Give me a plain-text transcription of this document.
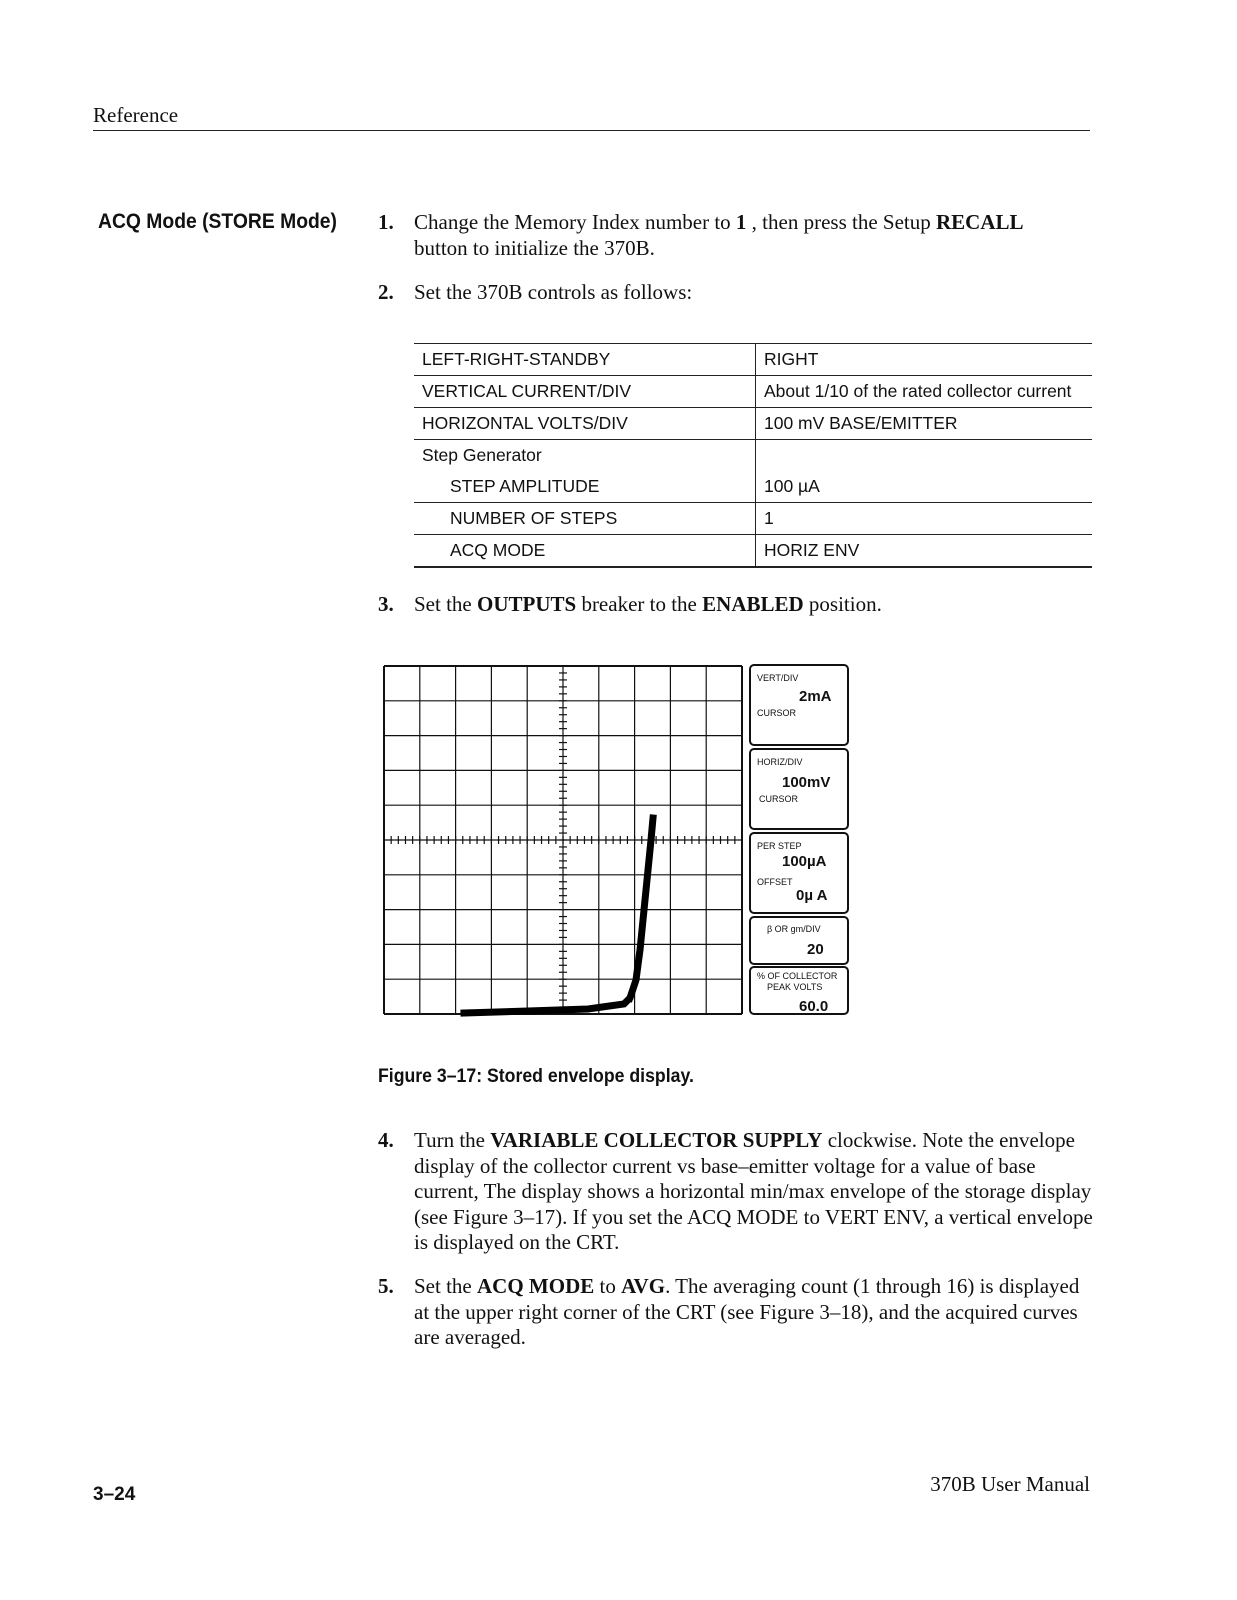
Reference
ACQ Mode (STORE Mode) 1. Change the Memory Index number to 1 , then press the Setup RECALL
button to initialize the 370B.
2. Set the 370B controls as follows:
LEFT-RIGHT-STANDBY	RIGHT
VERTICAL CURRENT/DIV	About 1/10 of the rated collector current
HORIZONTAL VOLTS/DIV	100 mV BASE/EMITTER
Step Generator	
STEP AMPLITUDE	100 µA
NUMBER OF STEPS	1
ACQ MODE	HORIZ ENV
3. Set the OUTPUTS breaker to the ENABLED position.
VERT/DIV
2mA
CURSOR
HORIZ/DIV
100mV
CURSOR
PER STEP
100µA
OFFSET
0µ A
β OR gm/DIV
20
% OF COLLECTOR
PEAK VOLTS
60.0
Figure 3–17: Stored envelope display.
4. Turn the VARIABLE COLLECTOR SUPPLY clockwise. Note the envelope display of the collector current vs base–emitter voltage for a value of base current, The display shows a horizontal min/max envelope of the storage display (see Figure 3–17). If you set the ACQ MODE to VERT ENV, a vertical envelope is displayed on the CRT.
5. Set the ACQ MODE to AVG. The averaging count (1 through 16) is displayed at the upper right corner of the CRT (see Figure 3–18), and the acquired curves are averaged.
3–24	370B User Manual
